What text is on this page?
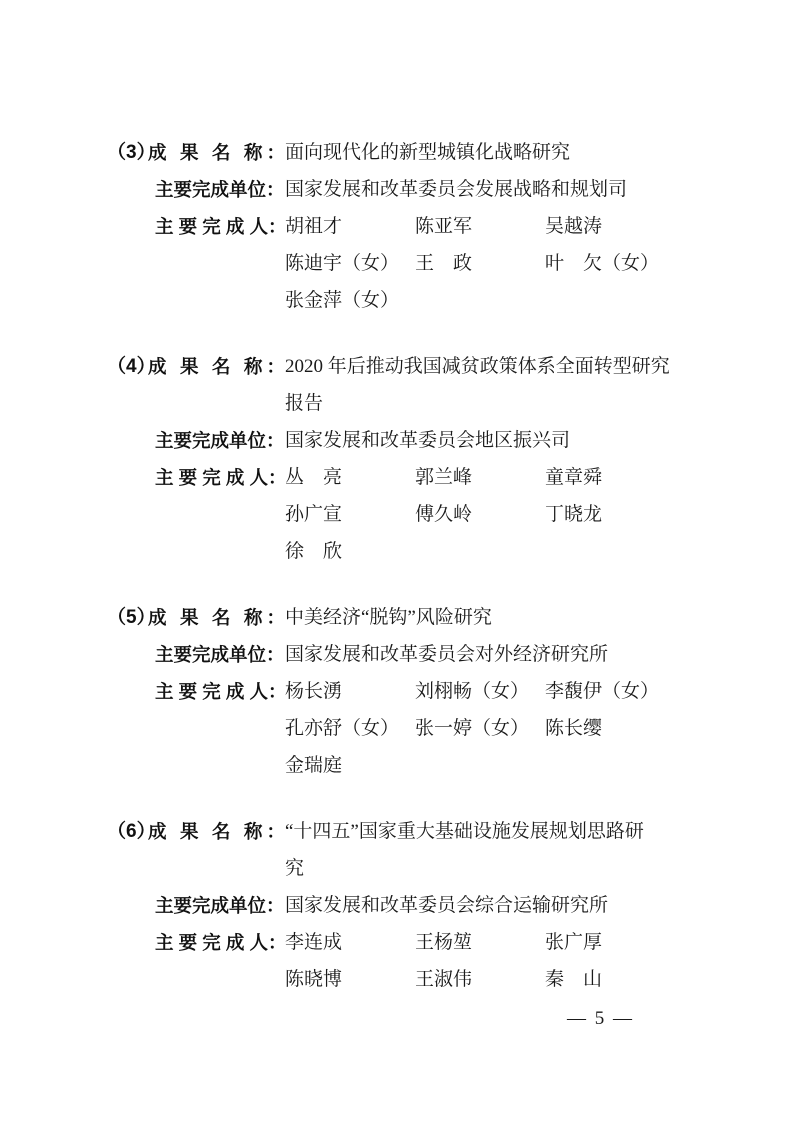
（3）
成 果 名 称： 面向现代化的新型城镇化战略研究
主要完成单位： 国家发展和改革委员会发展战略和规划司
主 要 完 成 人：
胡祖才	陈亚军	吴越涛
陈迪宇（女） 王　政	叶　欠（女）
张金萍（女）
（4）
成 果 名 称： 2020 年后推动我国减贫政策体系全面转型研究
报告
主要完成单位： 国家发展和改革委员会地区振兴司
主 要 完 成 人：
丛　亮	郭兰峰	童章舜
孙广宣	傅久岭	丁晓龙
徐　欣
（5）
成 果 名 称： 中美经济“脱钩”风险研究
主要完成单位： 国家发展和改革委员会对外经济研究所
主 要 完 成 人：
杨长湧	刘栩畅（女） 李馥伊（女）
孔亦舒（女） 张一婷（女） 陈长缨
金瑞庭
（6）
成 果 名 称： “十四五”国家重大基础设施发展规划思路研
究
主要完成单位： 国家发展和改革委员会综合运输研究所
主 要 完 成 人：
李连成	王杨堃	张广厚
陈晓博	王淑伟	秦　山
— 5 —
